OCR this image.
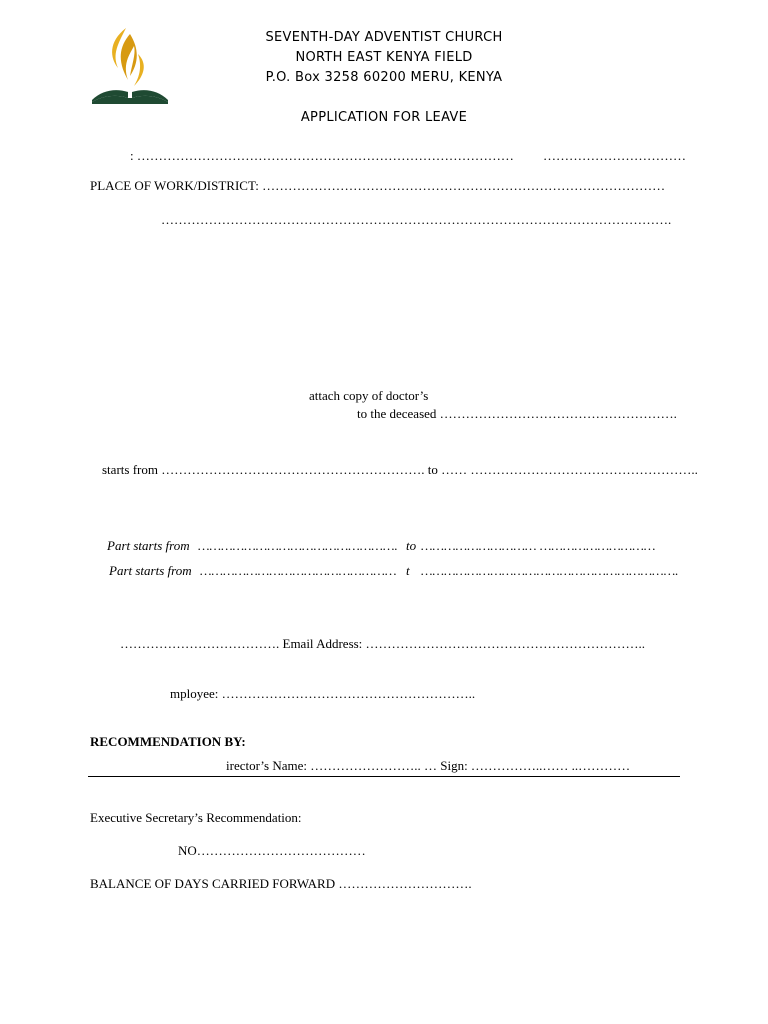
SEVENTH-DAY ADVENTIST CHURCH
NORTH EAST KENYA FIELD
P.O. Box 3258 60200 MERU, KENYA
APPLICATION FOR LEAVE
: …………………………………………………………………………… ……………………………
PLACE OF WORK/DISTRICT: …………………………………………………………………………………
……………………………………………………………………………………………………….
attach copy of doctor’s
to the deceased ……………………………………………….
starts from ……………………………………………………. to …… ……………………………………………..
Part starts from ……………………………………………. to ………………………… …………………………
Part starts from …………………………………………… t ………………………………………………………….
………………………………. Email Address: ………………………………………………………..
mployee: …………………………………………………..
RECOMMENDATION BY:
irector’s Name: …………………….. … Sign: ……………..…… ..…………
Executive Secretary’s Recommendation:
NO…………………………………
BALANCE OF DAYS CARRIED FORWARD ………………………….
